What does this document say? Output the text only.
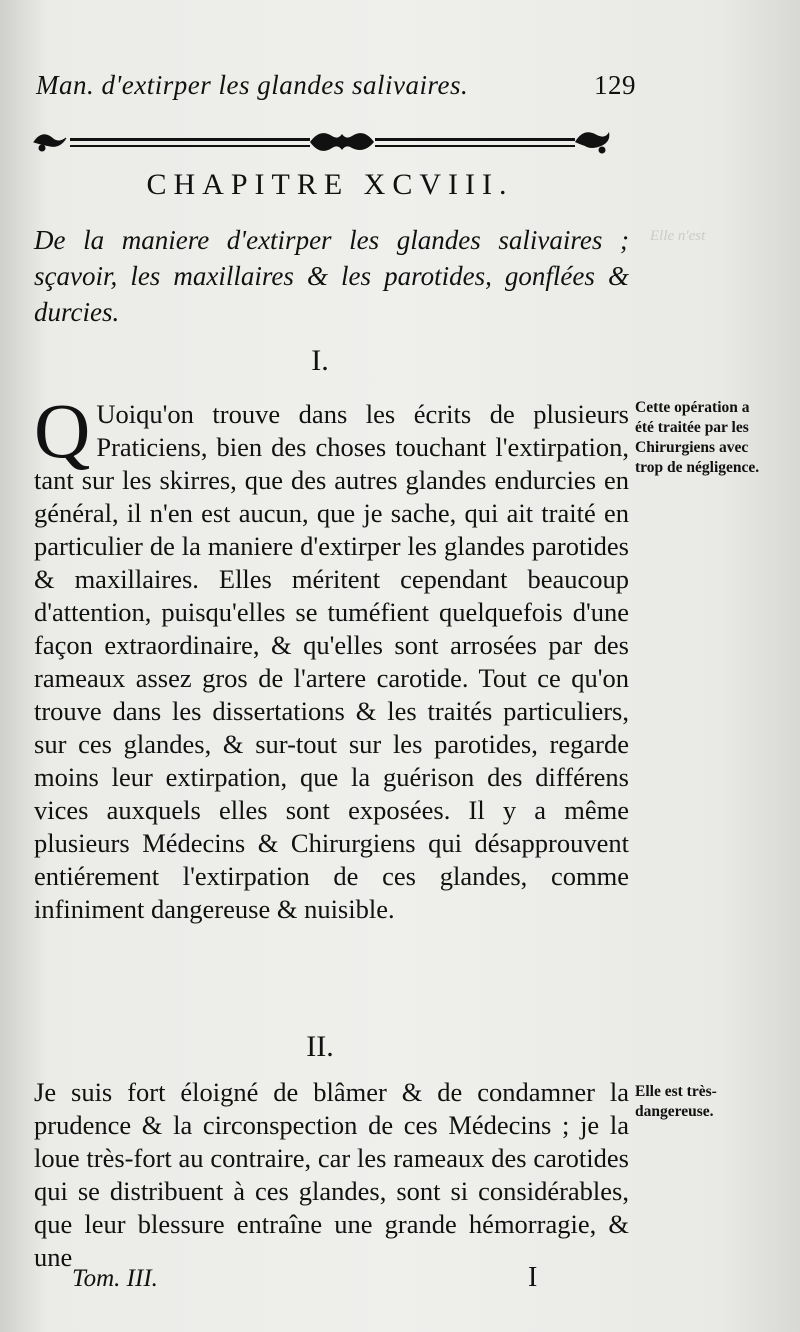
Elle n'est
Man. d'extirper les glandes salivaires.	129
CHAPITRE XCVIII.
De la maniere d'extirper les glandes salivaires ; sçavoir, les maxillaires & les parotides, gonflées & durcies.
I.
Q Uoiqu'on trouve dans les écrits de plusieurs Praticiens, bien des choses touchant l'extirpation, tant sur les skirres, que des autres glandes endurcies en général, il n'en est aucun, que je sache, qui ait traité en particulier de la maniere d'extirper les glandes parotides & maxillaires. Elles méritent cependant beaucoup d'attention, puisqu'elles se tuméfient quelquefois d'une façon extraordinaire, & qu'elles sont arrosées par des rameaux assez gros de l'artere carotide. Tout ce qu'on trouve dans les dissertations & les traités particuliers, sur ces glandes, & sur-tout sur les parotides, regarde moins leur extirpation, que la guérison des différens vices auxquels elles sont exposées. Il y a même plusieurs Médecins & Chirurgiens qui désapprouvent entiérement l'extirpation de ces glandes, comme infiniment dangereuse & nuisible.
Cette opération a été traitée par les Chirurgiens avec trop de négligence.
II.
Je suis fort éloigné de blâmer & de condamner la prudence & la circonspection de ces Médecins ; je la loue très-fort au contraire, car les rameaux des carotides qui se distribuent à ces glandes, sont si considérables, que leur blessure entraîne une grande hémorragie, & une
Elle est très-dangereuse.
Tom. III.	I
